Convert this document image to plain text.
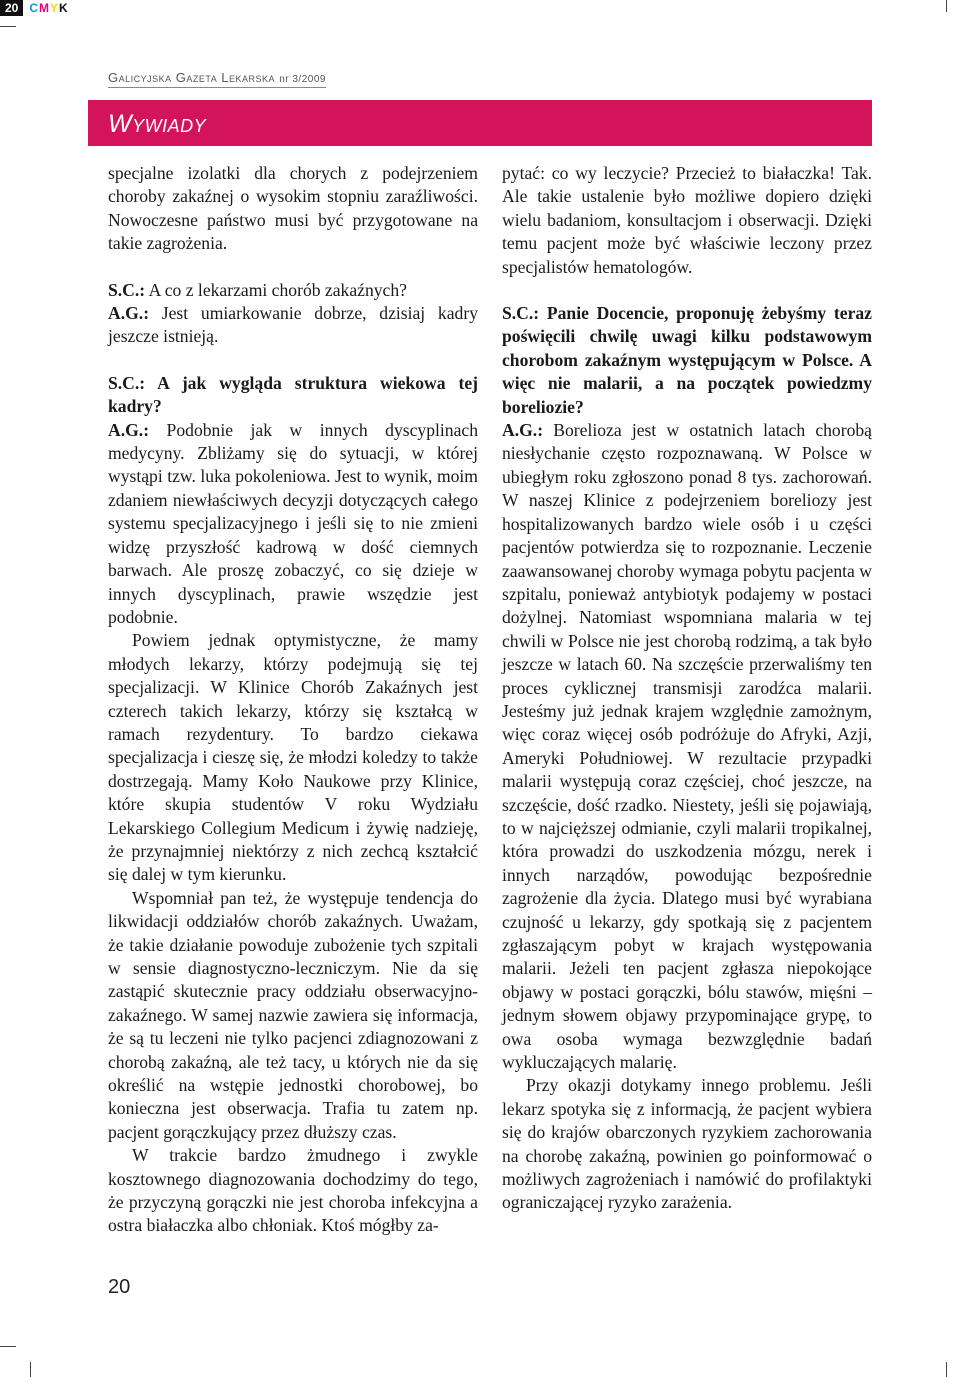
20 CMYK
Galicyjska Gazeta Lekarska nr 3/2009
Wywiady

specjalne izolatki dla chorych z podejrzeniem choroby zakaźnej o wysokim stopniu zaraźliwości. Nowoczesne państwo musi być przygotowane na takie zagrożenia.

S.C.: A co z lekarzami chorób zakaźnych?

A.G.: Jest umiarkowanie dobrze, dzisiaj kadry jeszcze istnieją.

S.C.: A jak wygląda struktura wiekowa tej kadry?

A.G.: Podobnie jak w innych dyscyplinach medycyny. Zbliżamy się do sytuacji, w której wystąpi tzw. luka pokoleniowa. Jest to wynik, moim zdaniem niewłaściwych decyzji dotyczących całego systemu specjalizacyjnego i jeśli się to nie zmieni widzę przyszłość kadrową w dość ciemnych barwach. Ale proszę zobaczyć, co się dzieje w innych dyscyplinach, prawie wszędzie jest podobnie.

Powiem jednak optymistyczne, że mamy młodych lekarzy, którzy podejmują się tej specjalizacji. W Klinice Chorób Zakaźnych jest czterech takich lekarzy, którzy się kształcą w ramach rezydentury. To bardzo ciekawa specjalizacja i cieszę się, że młodzi koledzy to także dostrzegają. Mamy Koło Naukowe przy Klinice, które skupia studentów V roku Wydziału Lekarskiego Collegium Medicum i żywię nadzieję, że przynajmniej niektórzy z nich zechcą kształcić się dalej w tym kierunku.

Wspomniał pan też, że występuje tendencja do likwidacji oddziałów chorób zakaźnych. Uważam, że takie działanie powoduje zubożenie tych szpitali w sensie diagnostyczno-leczniczym. Nie da się zastąpić skutecznie pracy oddziału obserwacyjno-zakaźnego. W samej nazwie zawiera się informacja, że są tu leczeni nie tylko pacjenci zdiagnozowani z chorobą zakaźną, ale też tacy, u których nie da się określić na wstępie jednostki chorobowej, bo konieczna jest obserwacja. Trafia tu zatem np. pacjent gorączkujący przez dłuższy czas.

W trakcie bardzo żmudnego i zwykle kosztownego diagnozowania dochodzimy do tego, że przyczyną gorączki nie jest choroba infekcyjna a ostra białaczka albo chłoniak. Ktoś mógłby za-

pytać: co wy leczycie? Przecież to białaczka! Tak. Ale takie ustalenie było możliwe dopiero dzięki wielu badaniom, konsultacjom i obserwacji. Dzięki temu pacjent może być właściwie leczony przez specjalistów hematologów.

S.C.: Panie Docencie, proponuję żebyśmy teraz poświęcili chwilę uwagi kilku podstawowym chorobom zakaźnym występującym w Polsce. A więc nie malarii, a na początek powiedzmy boreliozie?

A.G.: Borelioza jest w ostatnich latach chorobą niesłychanie często rozpoznawaną. W Polsce w ubiegłym roku zgłoszono ponad 8 tys. zachorowań. W naszej Klinice z podejrzeniem boreliozy jest hospitalizowanych bardzo wiele osób i u części pacjentów potwierdza się to rozpoznanie. Leczenie zaawansowanej choroby wymaga pobytu pacjenta w szpitalu, ponieważ antybiotyk podajemy w postaci dożylnej. Natomiast wspomniana malaria w tej chwili w Polsce nie jest chorobą rodzimą, a tak było jeszcze w latach 60. Na szczęście przerwaliśmy ten proces cyklicznej transmisji zarodźca malarii. Jesteśmy już jednak krajem względnie zamożnym, więc coraz więcej osób podróżuje do Afryki, Azji, Ameryki Południowej. W rezultacie przypadki malarii występują coraz częściej, choć jeszcze, na szczęście, dość rzadko. Niestety, jeśli się pojawiają, to w najcięższej odmianie, czyli malarii tropikalnej, która prowadzi do uszkodzenia mózgu, nerek i innych narządów, powodując bezpośrednie zagrożenie dla życia. Dlatego musi być wyrabiana czujność u lekarzy, gdy spotkają się z pacjentem zgłaszającym pobyt w krajach występowania malarii. Jeżeli ten pacjent zgłasza niepokojące objawy w postaci gorączki, bólu stawów, mięśni – jednym słowem objawy przypominające grypę, to owa osoba wymaga bezwzględnie badań wykluczających malarię.

Przy okazji dotykamy innego problemu. Jeśli lekarz spotyka się z informacją, że pacjent wybiera się do krajów obarczonych ryzykiem zachorowania na chorobę zakaźną, powinien go poinformować o możliwych zagrożeniach i namówić do profilaktyki ograniczającej ryzyko zarażenia.

20
